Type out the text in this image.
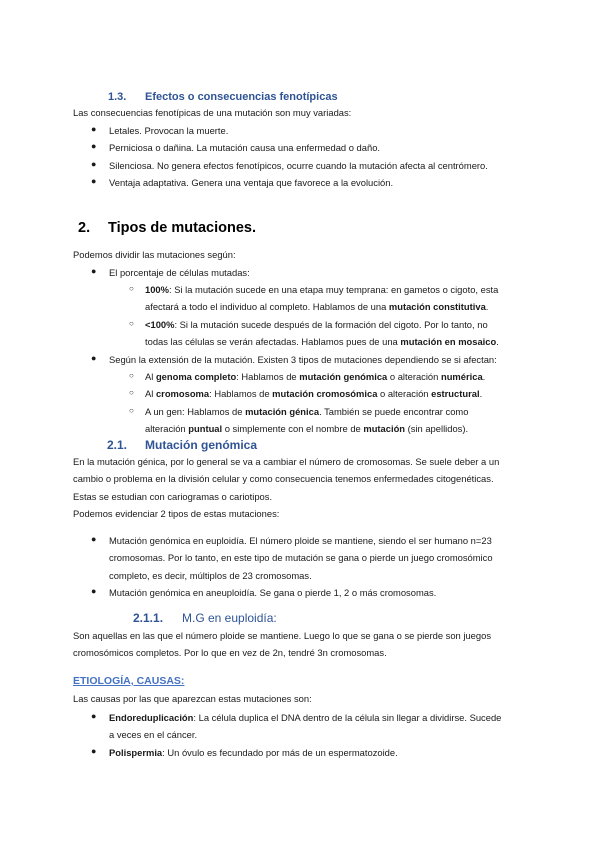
1.3. Efectos o consecuencias fenotípicas
Las consecuencias fenotípicas de una mutación son muy variadas:
● Letales. Provocan la muerte.
● Perniciosa o dañina. La mutación causa una enfermedad o daño.
● Silenciosa. No genera efectos fenotípicos, ocurre cuando la mutación afecta al centrómero.
● Ventaja adaptativa. Genera una ventaja que favorece a la evolución.
2. Tipos de mutaciones.
Podemos dividir las mutaciones según:
● El porcentaje de células mutadas:
○ 100%: Si la mutación sucede en una etapa muy temprana: en gametos o cigoto, esta
afectará a todo el individuo al completo. Hablamos de una mutación constitutiva.
○ <100%: Si la mutación sucede después de la formación del cigoto. Por lo tanto, no
todas las células se verán afectadas. Hablamos pues de una mutación en mosaico.
● Según la extensión de la mutación. Existen 3 tipos de mutaciones dependiendo se si afectan:
○ Al genoma completo: Hablamos de mutación genómica o alteración numérica.
○ Al cromosoma: Hablamos de mutación cromosómica o alteración estructural.
○ A un gen: Hablamos de mutación génica. También se puede encontrar como
alteración puntual o simplemente con el nombre de mutación (sin apellidos).
2.1. Mutación genómica
En la mutación génica, por lo general se va a cambiar el número de cromosomas. Se suele deber a un
cambio o problema en la división celular y como consecuencia tenemos enfermedades citogenéticas.
Estas se estudian con cariogramas o cariotipos.
Podemos evidenciar 2 tipos de estas mutaciones:
● Mutación genómica en euploidía. El número ploide se mantiene, siendo el ser humano n=23
cromosomas. Por lo tanto, en este tipo de mutación se gana o pierde un juego cromosómico
completo, es decir, múltiplos de 23 cromosomas.
● Mutación genómica en aneuploidía. Se gana o pierde 1, 2 o más cromosomas.
2.1.1. M.G en euploidía:
Son aquellas en las que el número ploide se mantiene. Luego lo que se gana o se pierde son juegos
cromosómicos completos. Por lo que en vez de 2n, tendré 3n cromosomas.
ETIOLOGÍA, CAUSAS:
Las causas por las que aparezcan estas mutaciones son:
● Endoreduplicación: La célula duplica el DNA dentro de la célula sin llegar a dividirse. Sucede
a veces en el cáncer.
● Polispermia: Un óvulo es fecundado por más de un espermatozoide.
